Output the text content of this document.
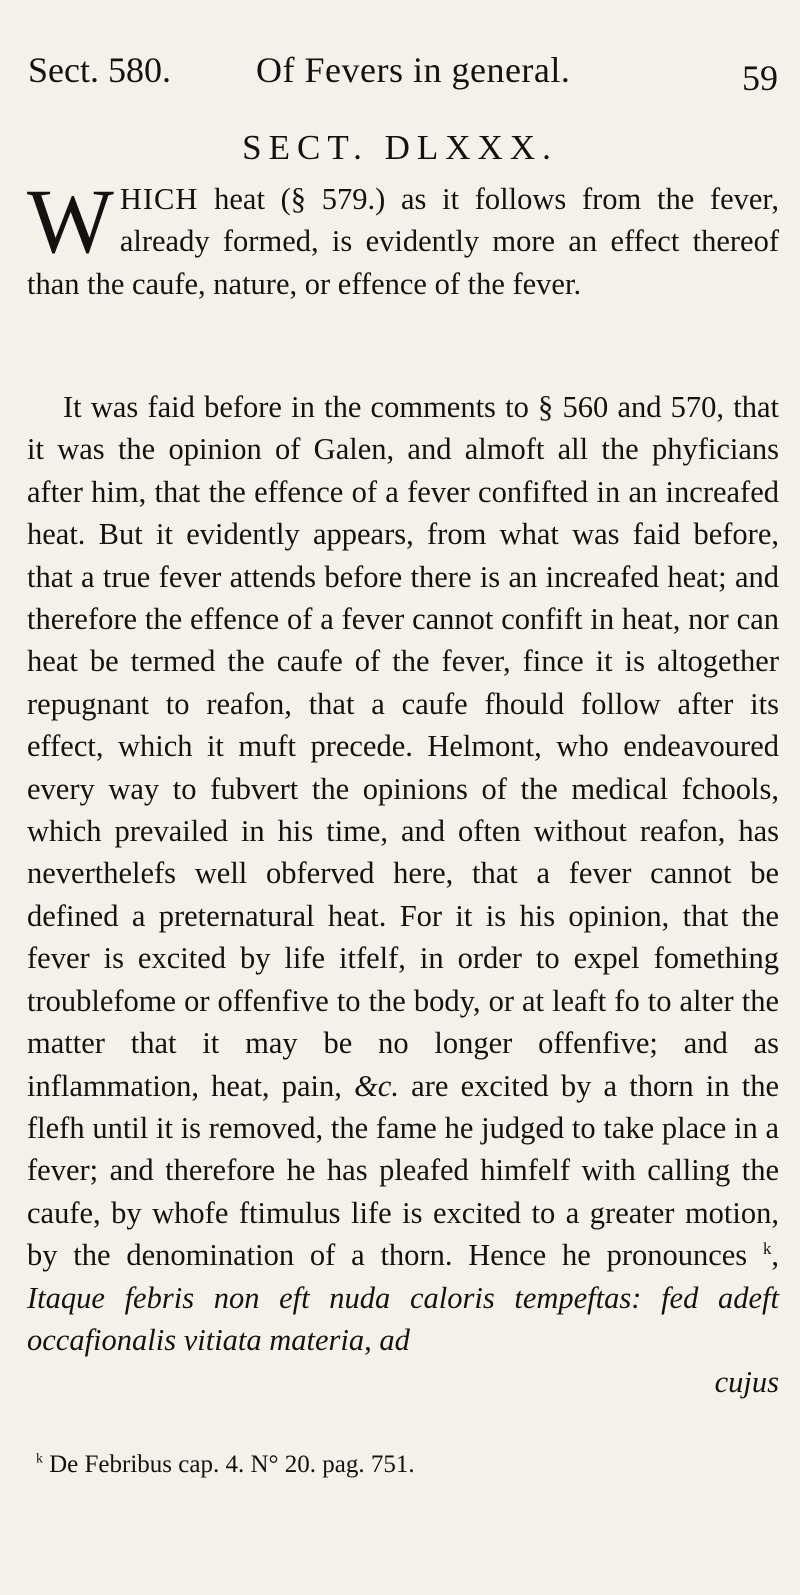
Sect. 580. Of Fevers in general.	59
SECT. DLXXX.

WHICH heat (§ 579.) as it follows from the fever, already formed, is evidently more an effect thereof than the caufe, nature, or effence of the fever.

It was faid before in the comments to § 560 and 570, that it was the opinion of Galen, and almoft all the phyficians after him, that the effence of a fever confifted in an increafed heat. But it evidently appears, from what was faid before, that a true fever attends before there is an increafed heat; and therefore the effence of a fever cannot confift in heat, nor can heat be termed the caufe of the fever, fince it is altogether repugnant to reafon, that a caufe fhould follow after its effect, which it muft precede. Helmont, who endeavoured every way to fubvert the opinions of the medical fchools, which prevailed in his time, and often without reafon, has neverthelefs well obferved here, that a fever cannot be defined a preternatural heat. For it is his opinion, that the fever is excited by life itfelf, in order to expel fomething troublefome or offenfive to the body, or at leaft fo to alter the matter that it may be no longer offenfive; and as inflammation, heat, pain, &c. are excited by a thorn in the flefh until it is removed, the fame he judged to take place in a fever; and therefore he has pleafed himfelf with calling the caufe, by whofe ftimulus life is excited to a greater motion, by the denomination of a thorn. Hence he pronounces $^k$, Itaque febris non eft nuda caloris tempeftas: fed adeft occafionalis vitiata materia, ad
cujus

$^k$ De Febribus cap. 4. N° 20. pag. 751.
